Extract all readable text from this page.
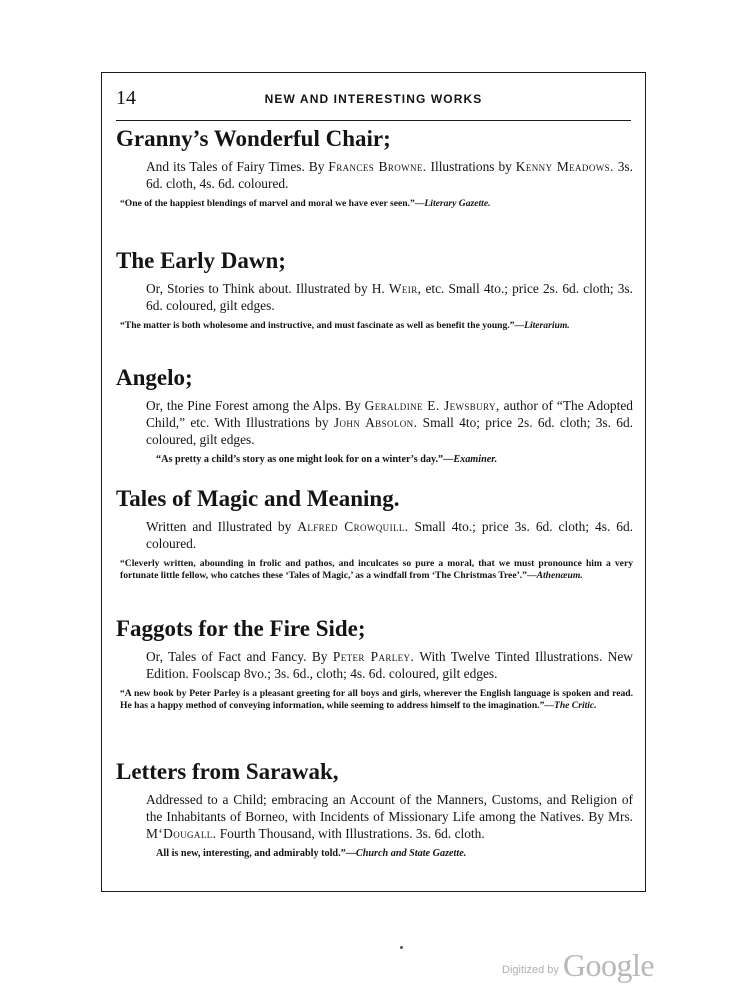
14	NEW AND INTERESTING WORKS
Granny’s Wonderful Chair;
And its Tales of Fairy Times. By Frances Browne. Illustrations by Kenny Meadows. 3s. 6d. cloth, 4s. 6d. coloured.
“One of the happiest blendings of marvel and moral we have ever seen.”—Literary Gazette.
The Early Dawn;
Or, Stories to Think about. Illustrated by H. Weir, etc. Small 4to.; price 2s. 6d. cloth; 3s. 6d. coloured, gilt edges.
“The matter is both wholesome and instructive, and must fascinate as well as benefit the young.”—Literarium.
Angelo;
Or, the Pine Forest among the Alps. By Geraldine E. Jewsbury, author of “The Adopted Child,” etc. With Illustrations by John Absolon. Small 4to; price 2s. 6d. cloth; 3s. 6d. coloured, gilt edges.
“As pretty a child’s story as one might look for on a winter’s day.”—Examiner.
Tales of Magic and Meaning.
Written and Illustrated by Alfred Crowquill. Small 4to.; price 3s. 6d. cloth; 4s. 6d. coloured.
“Cleverly written, abounding in frolic and pathos, and inculcates so pure a moral, that we must pronounce him a very fortunate little fellow, who catches these ‘Tales of Magic,’ as a windfall from ‘The Christmas Tree’.”—Athenæum.
Faggots for the Fire Side;
Or, Tales of Fact and Fancy. By Peter Parley. With Twelve Tinted Illustrations. New Edition. Foolscap 8vo.; 3s. 6d., cloth; 4s. 6d. coloured, gilt edges.
“A new book by Peter Parley is a pleasant greeting for all boys and girls, wherever the English language is spoken and read. He has a happy method of conveying information, while seeming to address himself to the imagination.”—The Critic.
Letters from Sarawak,
Addressed to a Child; embracing an Account of the Manners, Customs, and Religion of the Inhabitants of Borneo, with Incidents of Missionary Life among the Natives. By Mrs. M‘Dougall. Fourth Thousand, with Illustrations. 3s. 6d. cloth.
All is new, interesting, and admirably told.”—Church and State Gazette.
Digitized by Google
